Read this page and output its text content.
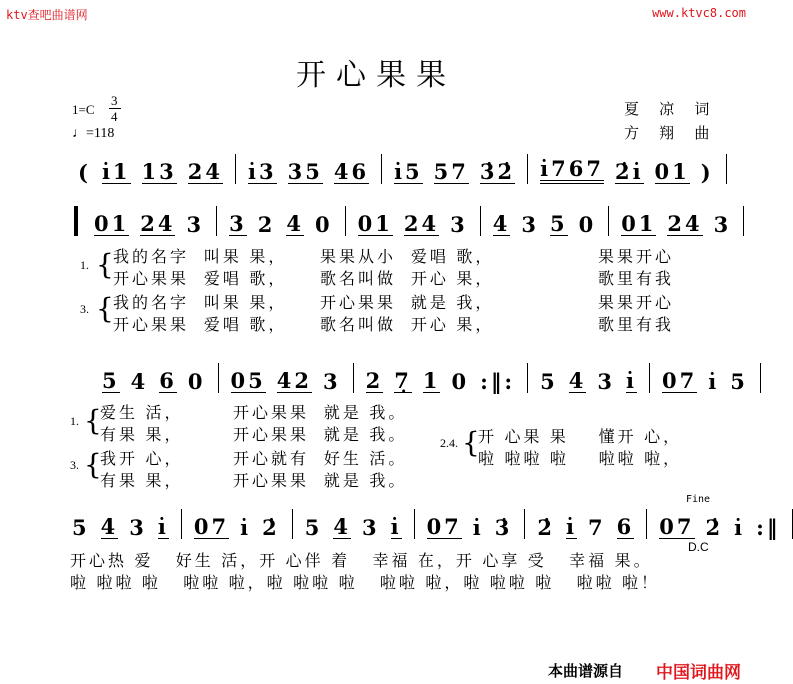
ktv查吧曲谱网	www.ktvc8.com
开心果果
1=C
3
4
♩=118
夏 凉 词
方 翔 曲
( i̇1 13 24 i̇3 35 46 i̇5 57 3̇2̇ i̇767 2̇i̇ 01 )
01 24 3 3 2 4 0 01 24 3 4 3 5 0 01 24 3
5 4 6 0 05 42 3 2 7̣ 1 0 :‖: 5 4 3 i̇ 07 i̇ 5
5 4 3 i̇ 07 i̇ 2̇ 5 4 3 i̇ 07 i̇ 3̇ 2̇ i̇ 7 6 07 2̇ i̇ :‖
1.
3.
{
{
我的名字  叫果 果， 果果从小  爱唱 歌，	果果开心
开心果果  爱唱 歌， 歌名叫做  开心 果，	歌里有我
我的名字  叫果 果， 开心果果  就是 我，	果果开心
开心果果  爱唱 歌， 歌名叫做  开心 果，	歌里有我
1.
3.
2.4.
{
{
{
爱生 活，	开心果果  就是 我。
有果 果，	开心果果  就是 我。
我开 心，	开心就有  好生 活。
有果 果，	开心果果  就是 我。
开 心果 果    懂开 心，
啦 啦啦 啦    啦啦 啦，
开心热 爱   好生 活，开 心伴 着   幸福 在，开 心享 受   幸福 果。
啦 啦啦 啦   啦啦 啦，啦 啦啦 啦   啦啦 啦，啦 啦啦 啦   啦啦 啦！
Fine
D.C
本曲谱源自 中国词曲网
